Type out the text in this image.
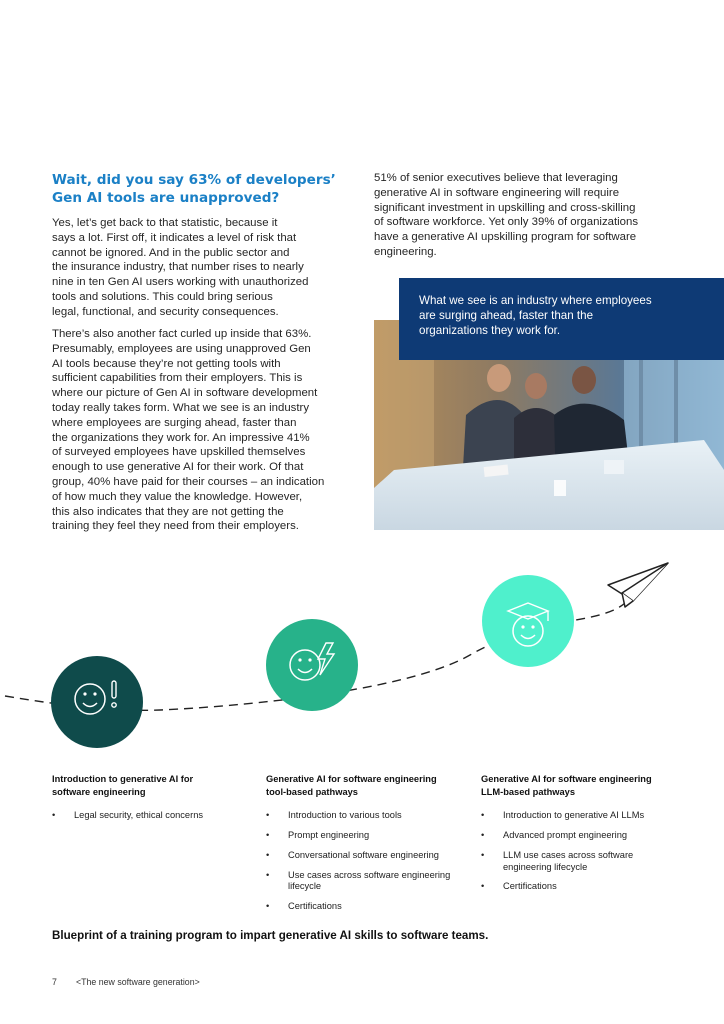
Wait, did you say 63% of developers’
Gen AI tools are unapproved?
Yes, let’s get back to that statistic, because it
says a lot. First off, it indicates a level of risk that
cannot be ignored. And in the public sector and
the insurance industry, that number rises to nearly
nine in ten Gen AI users working with unauthorized
tools and solutions. This could bring serious
legal, functional, and security consequences.
There’s also another fact curled up inside that 63%.
Presumably, employees are using unapproved Gen
AI tools because they’re not getting tools with
sufficient capabilities from their employers. This is
where our picture of Gen AI in software development
today really takes form. What we see is an industry
where employees are surging ahead, faster than
the organizations they work for. An impressive 41%
of surveyed employees have upskilled themselves
enough to use generative AI for their work. Of that
group, 40% have paid for their courses – an indication
of how much they value the knowledge. However,
this also indicates that they are not getting the
training they feel they need from their employers.
51% of senior executives believe that leveraging
generative AI in software engineering will require
significant investment in upskilling and cross-skilling
of software workforce. Yet only 39% of organizations
have a generative AI upskilling program for software
engineering.
What we see is an industry where employees
are surging ahead, faster than the
organizations they work for.
Introduction to generative AI for
software engineering
• Legal security, ethical concerns
Generative AI for software engineering
tool-based pathways
• Introduction to various tools
• Prompt engineering
• Conversational software engineering
• Use cases across software engineering lifecycle
• Certifications
Generative AI for software engineering
LLM-based pathways
• Introduction to generative AI LLMs
• Advanced prompt engineering
• LLM use cases across software engineering lifecycle
• Certifications
Blueprint of a training program to impart generative AI skills to software teams.
7 <The new software generation>
